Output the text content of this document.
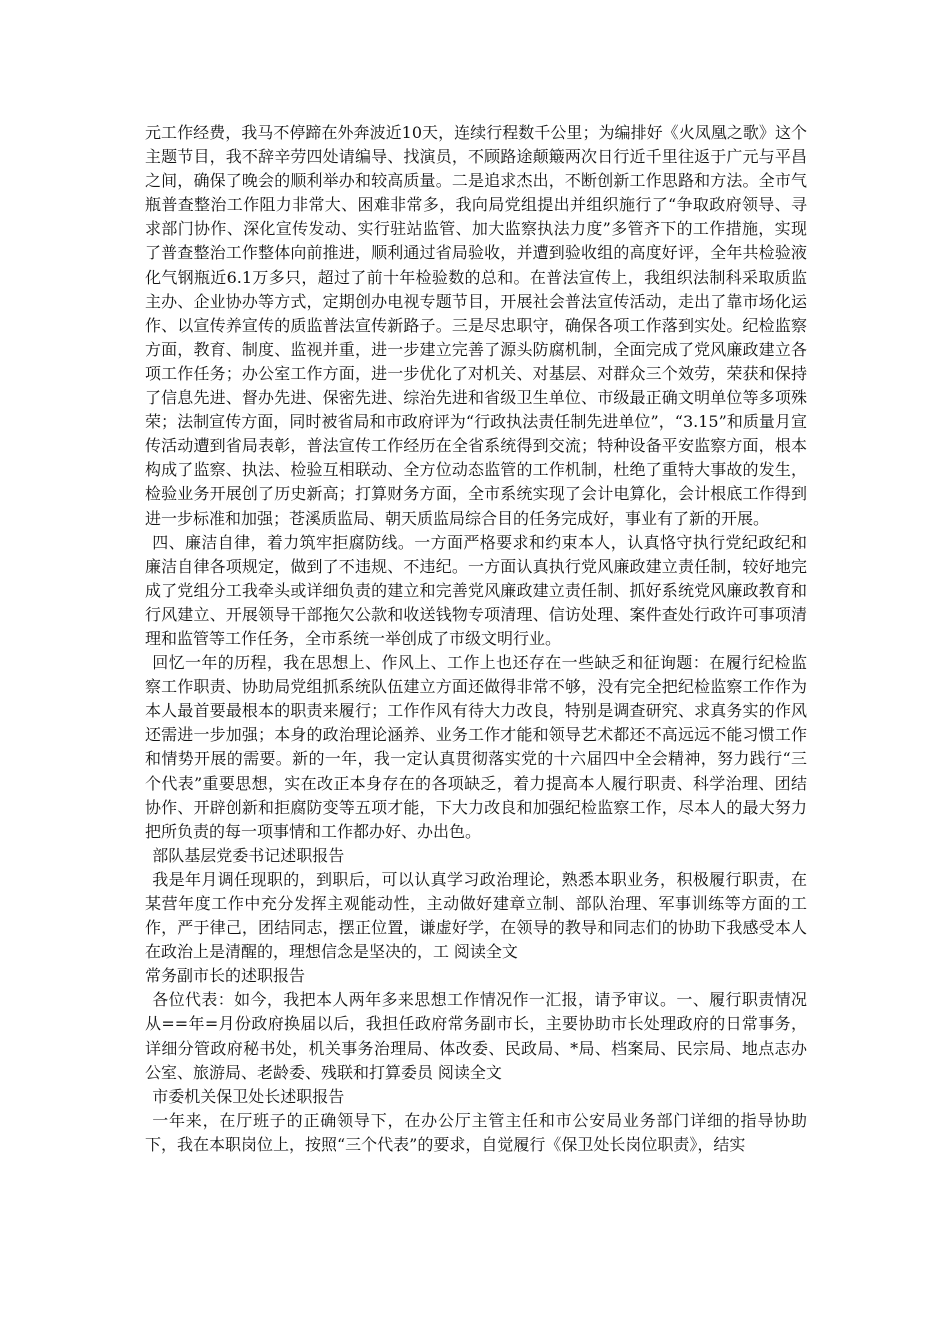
元工作经费，我马不停蹄在外奔波近10天，连续行程数千公里；为编排好《火凤凰之歌》这个主题节目，我不辞辛劳四处请编导、找演员，不顾路途颠簸两次日行近千里往返于广元与平昌之间，确保了晚会的顺利举办和较高质量。二是追求杰出，不断创新工作思路和方法。全市气瓶普查整治工作阻力非常大、困难非常多，我向局党组提出并组织施行了“争取政府领导、寻求部门协作、深化宣传发动、实行驻站监管、加大监察执法力度”多管齐下的工作措施，实现了普查整治工作整体向前推进，顺利通过省局验收，并遭到验收组的高度好评，全年共检验液化气钢瓶近6.1万多只，超过了前十年检验数的总和。在普法宣传上，我组织法制科采取质监主办、企业协办等方式，定期创办电视专题节目，开展社会普法宣传活动，走出了靠市场化运作、以宣传养宣传的质监普法宣传新路子。三是尽忠职守，确保各项工作落到实处。纪检监察方面，教育、制度、监视并重，进一步建立完善了源头防腐机制，全面完成了党风廉政建立各项工作任务；办公室工作方面，进一步优化了对机关、对基层、对群众三个效劳，荣获和保持了信息先进、督办先进、保密先进、综治先进和省级卫生单位、市级最正确文明单位等多项殊荣；法制宣传方面，同时被省局和市政府评为“行政执法责任制先进单位”，“3.15”和质量月宣传活动遭到省局表彰，普法宣传工作经历在全省系统得到交流；特种设备平安监察方面，根本构成了监察、执法、检验互相联动、全方位动态监管的工作机制，杜绝了重特大事故的发生，检验业务开展创了历史新高；打算财务方面，全市系统实现了会计电算化，会计根底工作得到进一步标准和加强；苍溪质监局、朝天质监局综合目的任务完成好，事业有了新的开展。

四、廉洁自律，着力筑牢拒腐防线。一方面严格要求和约束本人，认真恪守执行党纪政纪和廉洁自律各项规定，做到了不违规、不违纪。一方面认真执行党风廉政建立责任制，较好地完成了党组分工我牵头或详细负责的建立和完善党风廉政建立责任制、抓好系统党风廉政教育和行风建立、开展领导干部拖欠公款和收送钱物专项清理、信访处理、案件查处行政许可事项清理和监管等工作任务，全市系统一举创成了市级文明行业。

回忆一年的历程，我在思想上、作风上、工作上也还存在一些缺乏和征询题：在履行纪检监察工作职责、协助局党组抓系统队伍建立方面还做得非常不够，没有完全把纪检监察工作作为本人最首要最根本的职责来履行；工作作风有待大力改良，特别是调查研究、求真务实的作风还需进一步加强；本身的政治理论涵养、业务工作才能和领导艺术都还不高远远不能习惯工作和情势开展的需要。新的一年，我一定认真贯彻落实党的十六届四中全会精神，努力践行“三个代表”重要思想，实在改正本身存在的各项缺乏，着力提高本人履行职责、科学治理、团结协作、开辟创新和拒腐防变等五项才能，下大力改良和加强纪检监察工作，尽本人的最大努力把所负责的每一项事情和工作都办好、办出色。

部队基层党委书记述职报告

我是年月调任现职的，到职后，可以认真学习政治理论，熟悉本职业务，积极履行职责，在某营年度工作中充分发挥主观能动性，主动做好建章立制、部队治理、军事训练等方面的工作，严于律己，团结同志，摆正位置，谦虚好学，在领导的教导和同志们的协助下我感受本人在政治上是清醒的，理想信念是坚决的，工 阅读全文

常务副市长的述职报告

各位代表：如今，我把本人两年多来思想工作情况作一汇报，请予审议。一、履行职责情况从==年=月份政府换届以后，我担任政府常务副市长，主要协助市长处理政府的日常事务，详细分管政府秘书处，机关事务治理局、体改委、民政局、*局、档案局、民宗局、地点志办公室、旅游局、老龄委、残联和打算委员 阅读全文

市委机关保卫处长述职报告

一年来，在厅班子的正确领导下，在办公厅主管主任和市公安局业务部门详细的指导协助下，我在本职岗位上，按照“三个代表”的要求，自觉履行《保卫处长岗位职责》，结实
